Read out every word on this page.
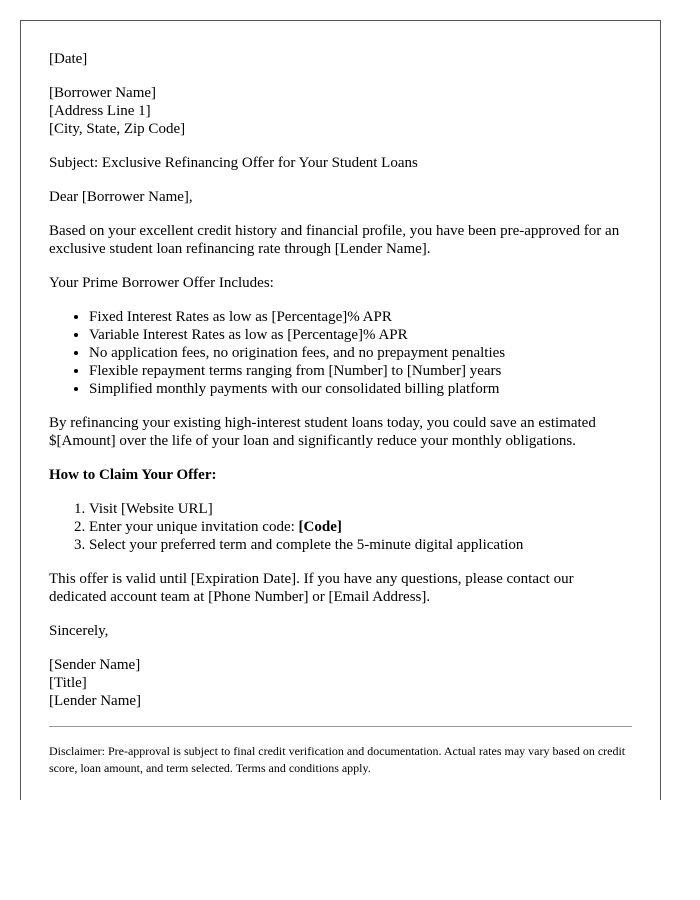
[Date]

[Borrower Name]

[Address Line 1]

[City, State, Zip Code]

Subject: Exclusive Refinancing Offer for Your Student Loans

Dear [Borrower Name],

Based on your excellent credit history and financial profile, you have been pre-approved for an exclusive student loan refinancing rate through [Lender Name].

Your Prime Borrower Offer Includes:

• Fixed Interest Rates as low as [Percentage]% APR
• Variable Interest Rates as low as [Percentage]% APR
• No application fees, no origination fees, and no prepayment penalties
• Flexible repayment terms ranging from [Number] to [Number] years
• Simplified monthly payments with our consolidated billing platform

By refinancing your existing high-interest student loans today, you could save an estimated $[Amount] over the life of your loan and significantly reduce your monthly obligations.

How to Claim Your Offer:

1. Visit [Website URL]
2. Enter your unique invitation code: [Code]
3. Select your preferred term and complete the 5-minute digital application

This offer is valid until [Expiration Date]. If you have any questions, please contact our dedicated account team at [Phone Number] or [Email Address].

Sincerely,

[Sender Name]

[Title]

[Lender Name]

Disclaimer: Pre-approval is subject to final credit verification and documentation. Actual rates may vary based on credit score, loan amount, and term selected. Terms and conditions apply.
